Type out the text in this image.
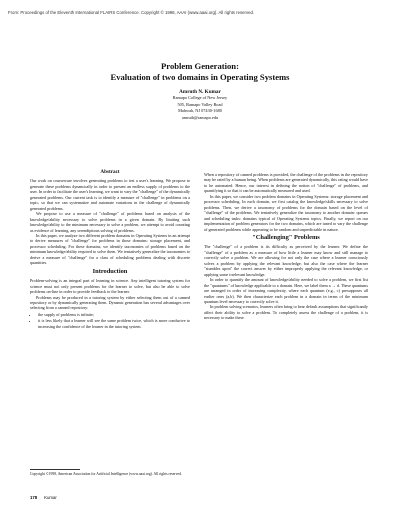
From: Proceedings of the Eleventh International FLAIRS Conference. Copyright © 1998, AAAI (www.aaai.org). All rights reserved.
Problem Generation:
Evaluation of two domains in Operating Systems
Amruth N. Kumar
Ramapo College of New Jersey
505, Ramapo Valley Road
Mahwah, NJ 07430-1680
amruth@ramapo.edu

Abstract

Our work on courseware involves generating problems to test a user's learning. We propose to generate these problems dynamically in order to present an endless supply of problems to the user. In order to facilitate the user's learning, we want to vary the "challenge" of the dynamically generated problems. Our current task is to identify a measure of "challenge" in problems on a topic, so that we can systematize and automate variations in the challenge of dynamically generated problems.

We propose to use a measure of "challenge" of problems based on analysis of the knowledge/ability necessary to solve problems in a given domain. By limiting such knowledge/ability to the minimum necessary to solve a problem, we attempt to avoid counting as evidence of learning, any serendipitous solving of problems.

In this paper, we analyze two different problem domains in Operating Systems in an attempt to derive measures of "challenge" for problems in those domains: storage placement, and processor scheduling. For these domains, we identify taxonomies of problems based on the minimum knowledge/ability required to solve them. We tentatively generalize the taxonomies to derive a measure of "challenge" for a class of scheduling problems dealing with discrete quantities.

Introduction

Problem-solving is an integral part of learning in science. Any intelligent tutoring system for science must not only present problems for the learner to solve, but also be able to solve problems on-line in order to provide feedback to the learner.

Problems may be produced in a tutoring system by either selecting them out of a canned repository or by dynamically generating them. Dynamic generation has several advantages over selecting from a canned repository:

• the supply of problems is infinite;
• it is less likely that a learner will see the same problem twice, which is more conducive to increasing the confidence of the learner in the tutoring system.
Copyright ©1998, American Association for Artificial Intelligence (www.aaai.org). All rights reserved.
178 Kumar

When a repository of canned problems is provided, the challenge of the problems in the repository may be rated by a human being. When problems are generated dynamically, this rating would have to be automated. Hence, our interest in defining the notion of "challenge" of problems, and quantifying it so that it can be automatically measured and used.

In this paper, we consider two problem domains in Operating Systems: storage placement and processor scheduling. In each domain, we first catalog the knowledge/skills necessary to solve problems. Then, we derive a taxonomy of problems for the domain based on the level of "challenge" of the problems. We tentatively generalize the taxonomy to another domain: queues and scheduling tasks: domains typical of Operating Systems topics. Finally, we report on our implementation of problem generators for the two domains, which are tuned to vary the challenge of generated problems while appearing to be random and unpredictable in nature.

"Challenging" Problems

The "challenge" of a problem is its difficulty as perceived by the learner. We define the "challenge" of a problem as a measure of how little a learner may know and still manage to correctly solve a problem. We are allowing for not only the case where a learner consciously solves a problem by applying the relevant knowledge, but also the case where the learner "stumbles upon" the correct answer by either improperly applying the relevant knowledge, or applying some irrelevant knowledge.

In order to quantify the amount of knowledge/ability needed to solve a problem, we first list the "quantums" of knowledge applicable to a domain. Here, we label them a → d. These quantums are arranged in order of increasing complexity, where each quantum (e.g., c) presupposes all earlier ones (a,b). We then characterize each problem in a domain in terms of the minimum quantum level necessary to correctly solve it.

In problem solving scenarios, learners often bring to bear default assumptions that significantly affect their ability to solve a problem. To completely assess the challenge of a problem, it is necessary to make these
